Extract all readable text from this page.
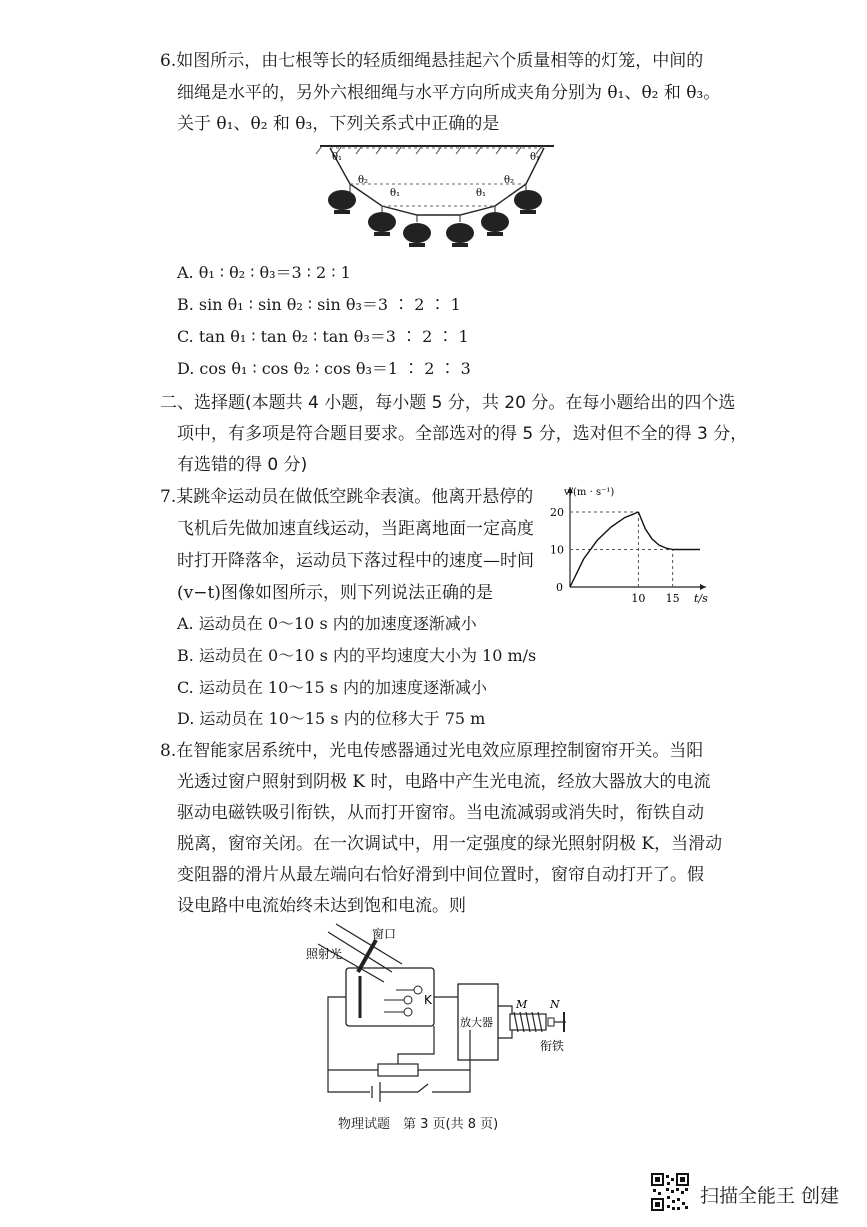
6.如图所示，由七根等长的轻质细绳悬挂起六个质量相等的灯笼，中间的
细绳是水平的，另外六根细绳与水平方向所成夹角分别为 θ₁、θ₂ 和 θ₃。
关于 θ₁、θ₂ 和 θ₃，下列关系式中正确的是
θ₁	θ₁
θ₂	θ₂
θ₁	θ₁
A. θ₁ ∶ θ₂ ∶ θ₃＝3 ∶ 2 ∶ 1
B. sin θ₁ ∶ sin θ₂ ∶ sin θ₃＝3 ∶ 2 ∶ 1
C. tan θ₁ ∶ tan θ₂ ∶ tan θ₃＝3 ∶ 2 ∶ 1
D. cos θ₁ ∶ cos θ₂ ∶ cos θ₃＝1 ∶ 2 ∶ 3
二、选择题(本题共 4 小题，每小题 5 分，共 20 分。在每小题给出的四个选
项中，有多项是符合题目要求。全部选对的得 5 分，选对但不全的得 3 分，
有选错的得 0 分)
7.某跳伞运动员在做低空跳伞表演。他离开悬停的
飞机后先做加速直线运动，当距离地面一定高度
时打开降落伞，运动员下落过程中的速度—时间
(v−t)图像如图所示，则下列说法正确的是
10
20
10 15
0
v/(m · s⁻¹)
t/s
A. 运动员在 0～10 s 内的加速度逐渐减小
B. 运动员在 0～10 s 内的平均速度大小为 10 m/s
C. 运动员在 10～15 s 内的加速度逐渐减小
D. 运动员在 10～15 s 内的位移大于 75 m
8.在智能家居系统中，光电传感器通过光电效应原理控制窗帘开关。当阳
光透过窗户照射到阴极 K 时，电路中产生光电流，经放大器放大的电流
驱动电磁铁吸引衔铁，从而打开窗帘。当电流减弱或消失时，衔铁自动
脱离，窗帘关闭。在一次调试中，用一定强度的绿光照射阴极 K，当滑动
变阻器的滑片从最左端向右恰好滑到中间位置时，窗帘自动打开了。假
设电路中电流始终未达到饱和电流。则
窗口
照射光
K
放大器
M N
衔铁
物理试题　第 3 页(共 8 页)
扫描全能王 创建
